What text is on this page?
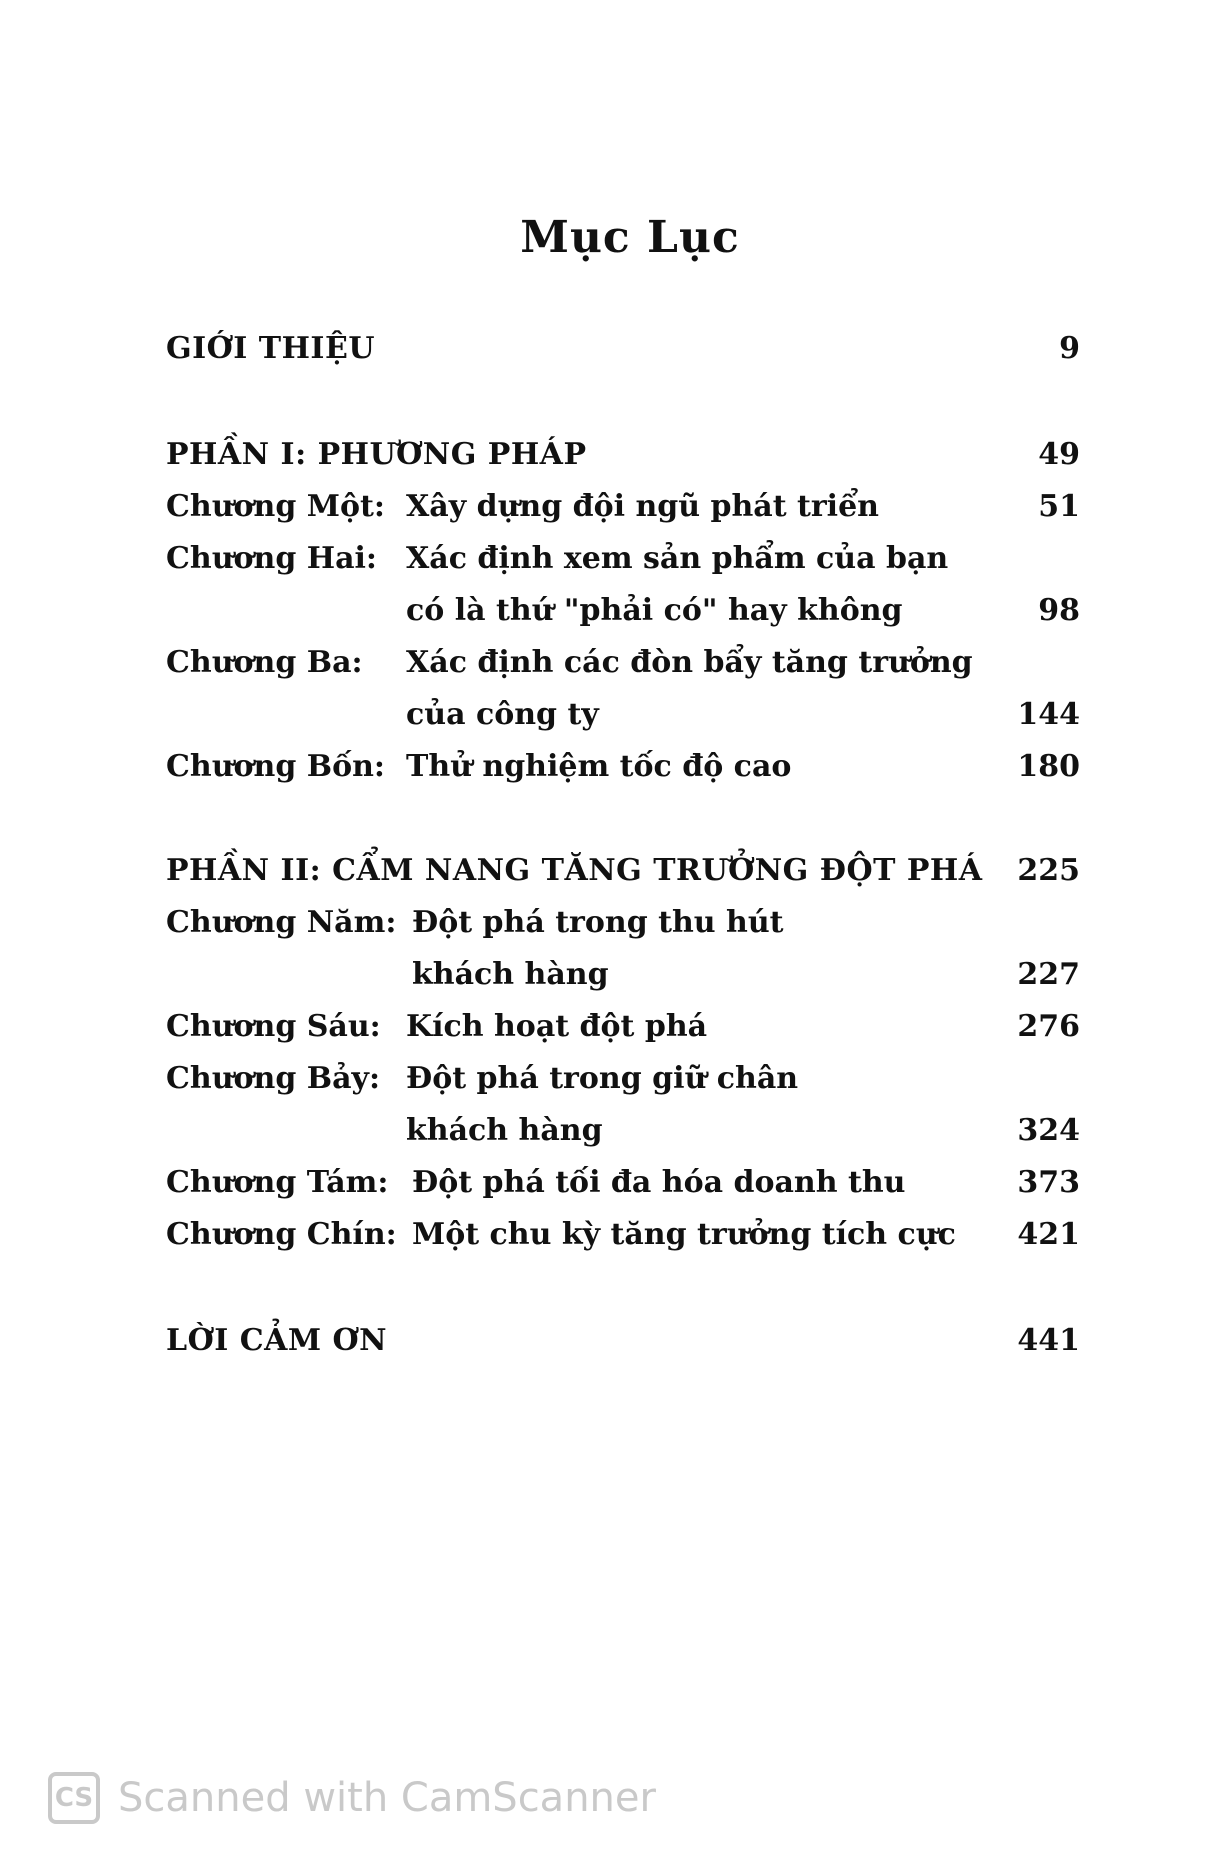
Mục Lục
GIỚI THIỆU	9
PHẦN I: PHƯƠNG PHÁP	49
Chương Một: Xây dựng đội ngũ phát triển	51
Chương Hai: Xác định xem sản phẩm của bạn
có là thứ "phải có" hay không	98
Chương Ba: Xác định các đòn bẩy tăng trưởng
của công ty	144
Chương Bốn: Thử nghiệm tốc độ cao	180
PHẦN II: CẨM NANG TĂNG TRƯỞNG ĐỘT PHÁ 225
Chương Năm: Đột phá trong thu hút
khách hàng	227
Chương Sáu: Kích hoạt đột phá	276
Chương Bảy: Đột phá trong giữ chân
khách hàng	324
Chương Tám: Đột phá tối đa hóa doanh thu	373
Chương Chín: Một chu kỳ tăng trưởng tích cực 421
LỜI CẢM ƠN	441
CS Scanned with CamScanner
